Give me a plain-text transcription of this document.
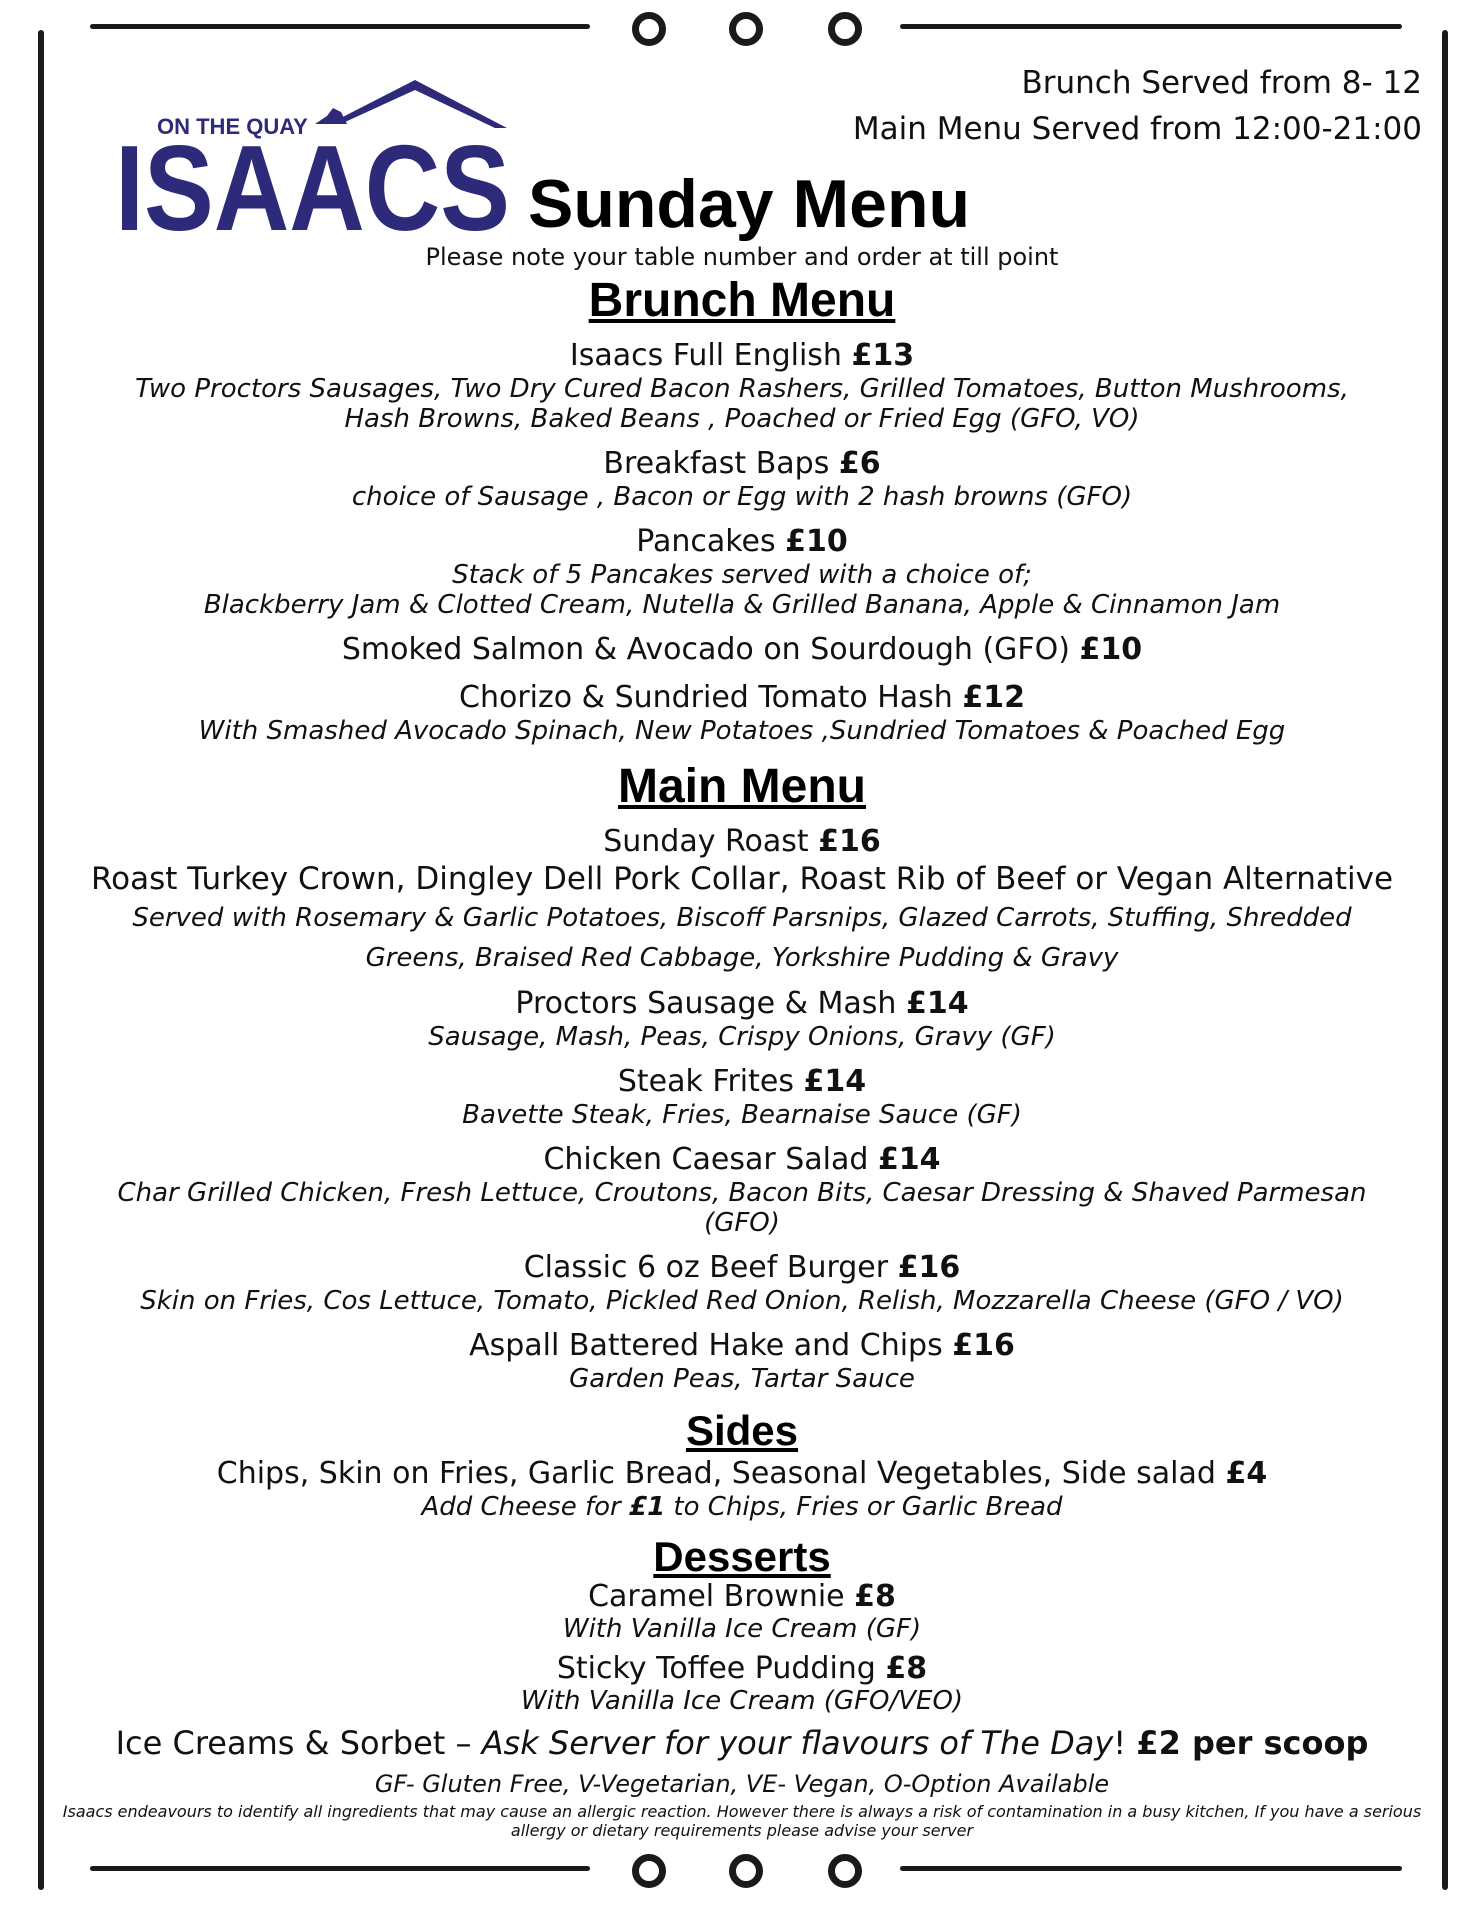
ON THE QUAY
ISAACS
Brunch Served from 8- 12
Main Menu Served from 12:00-21:00
Sunday Menu
Please note your table number and order at till point
Brunch Menu

Isaacs Full English £13

Two Proctors Sausages, Two Dry Cured Bacon Rashers, Grilled Tomatoes, Button Mushrooms,

Hash Browns, Baked Beans , Poached or Fried Egg (GFO, VO)

Breakfast Baps £6

choice of Sausage , Bacon or Egg with 2 hash browns (GFO)

Pancakes £10

Stack of 5 Pancakes served with a choice of;

Blackberry Jam & Clotted Cream, Nutella & Grilled Banana, Apple & Cinnamon Jam

Smoked Salmon & Avocado on Sourdough (GFO) £10

Chorizo & Sundried Tomato Hash £12

With Smashed Avocado Spinach, New Potatoes ,Sundried Tomatoes & Poached Egg

Main Menu

Sunday Roast £16

Roast Turkey Crown, Dingley Dell Pork Collar, Roast Rib of Beef or Vegan Alternative

Served with Rosemary & Garlic Potatoes, Biscoff Parsnips, Glazed Carrots, Stuffing, Shredded

Greens, Braised Red Cabbage, Yorkshire Pudding & Gravy

Proctors Sausage & Mash £14

Sausage, Mash, Peas, Crispy Onions, Gravy (GF)

Steak Frites £14

Bavette Steak, Fries, Bearnaise Sauce (GF)

Chicken Caesar Salad £14

Char Grilled Chicken, Fresh Lettuce, Croutons, Bacon Bits, Caesar Dressing & Shaved Parmesan

(GFO)

Classic 6 oz Beef Burger £16

Skin on Fries, Cos Lettuce, Tomato, Pickled Red Onion, Relish, Mozzarella Cheese (GFO / VO)

Aspall Battered Hake and Chips £16

Garden Peas, Tartar Sauce

Sides

Chips, Skin on Fries, Garlic Bread, Seasonal Vegetables, Side salad £4

Add Cheese for £1 to Chips, Fries or Garlic Bread

Desserts

Caramel Brownie £8

With Vanilla Ice Cream (GF)

Sticky Toffee Pudding £8

With Vanilla Ice Cream (GFO/VEO)

Ice Creams & Sorbet – Ask Server for your flavours of The Day! £2 per scoop

GF- Gluten Free, V-Vegetarian, VE- Vegan, O-Option Available

Isaacs endeavours to identify all ingredients that may cause an allergic reaction. However there is always a risk of contamination in a busy kitchen, If you have a serious allergy or dietary requirements please advise your server
